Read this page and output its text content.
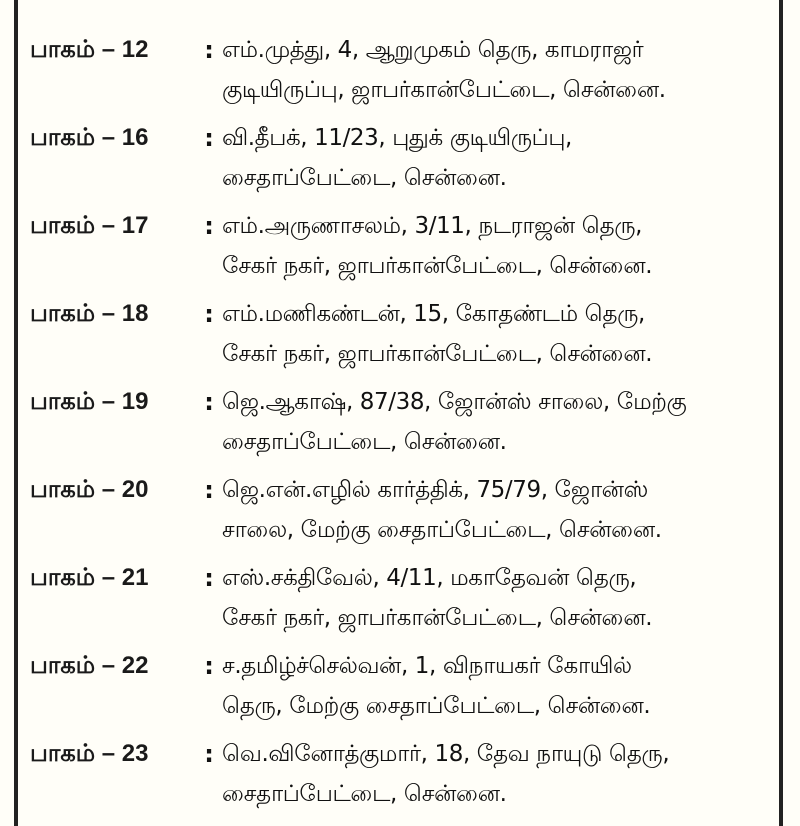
பாகம் – 12	: எம்.முத்து, 4, ஆறுமுகம் தெரு, காமராஜர்
குடியிருப்பு, ஜாபர்கான்பேட்டை, சென்னை.
பாகம் – 16	: வி.தீபக், 11/23, புதுக் குடியிருப்பு,
சைதாப்பேட்டை, சென்னை.
பாகம் – 17	: எம்.அருணாசலம், 3/11, நடராஜன் தெரு,
சேகர் நகர், ஜாபர்கான்பேட்டை, சென்னை.
பாகம் – 18	: எம்.மணிகண்டன், 15, கோதண்டம் தெரு,
சேகர் நகர், ஜாபர்கான்பேட்டை, சென்னை.
பாகம் – 19	: ஜெ.ஆகாஷ், 87/38, ஜோன்ஸ் சாலை, மேற்கு
சைதாப்பேட்டை, சென்னை.
பாகம் – 20	: ஜெ.என்.எழில் கார்த்திக், 75/79, ஜோன்ஸ்
சாலை, மேற்கு சைதாப்பேட்டை, சென்னை.
பாகம் – 21	: எஸ்.சக்திவேல், 4/11, மகாதேவன் தெரு,
சேகர் நகர், ஜாபர்கான்பேட்டை, சென்னை.
பாகம் – 22	: ச.தமிழ்ச்செல்வன், 1, விநாயகர் கோயில்
தெரு, மேற்கு சைதாப்பேட்டை, சென்னை.
பாகம் – 23	: வெ.வினோத்குமார், 18, தேவ நாயுடு தெரு,
சைதாப்பேட்டை, சென்னை.
